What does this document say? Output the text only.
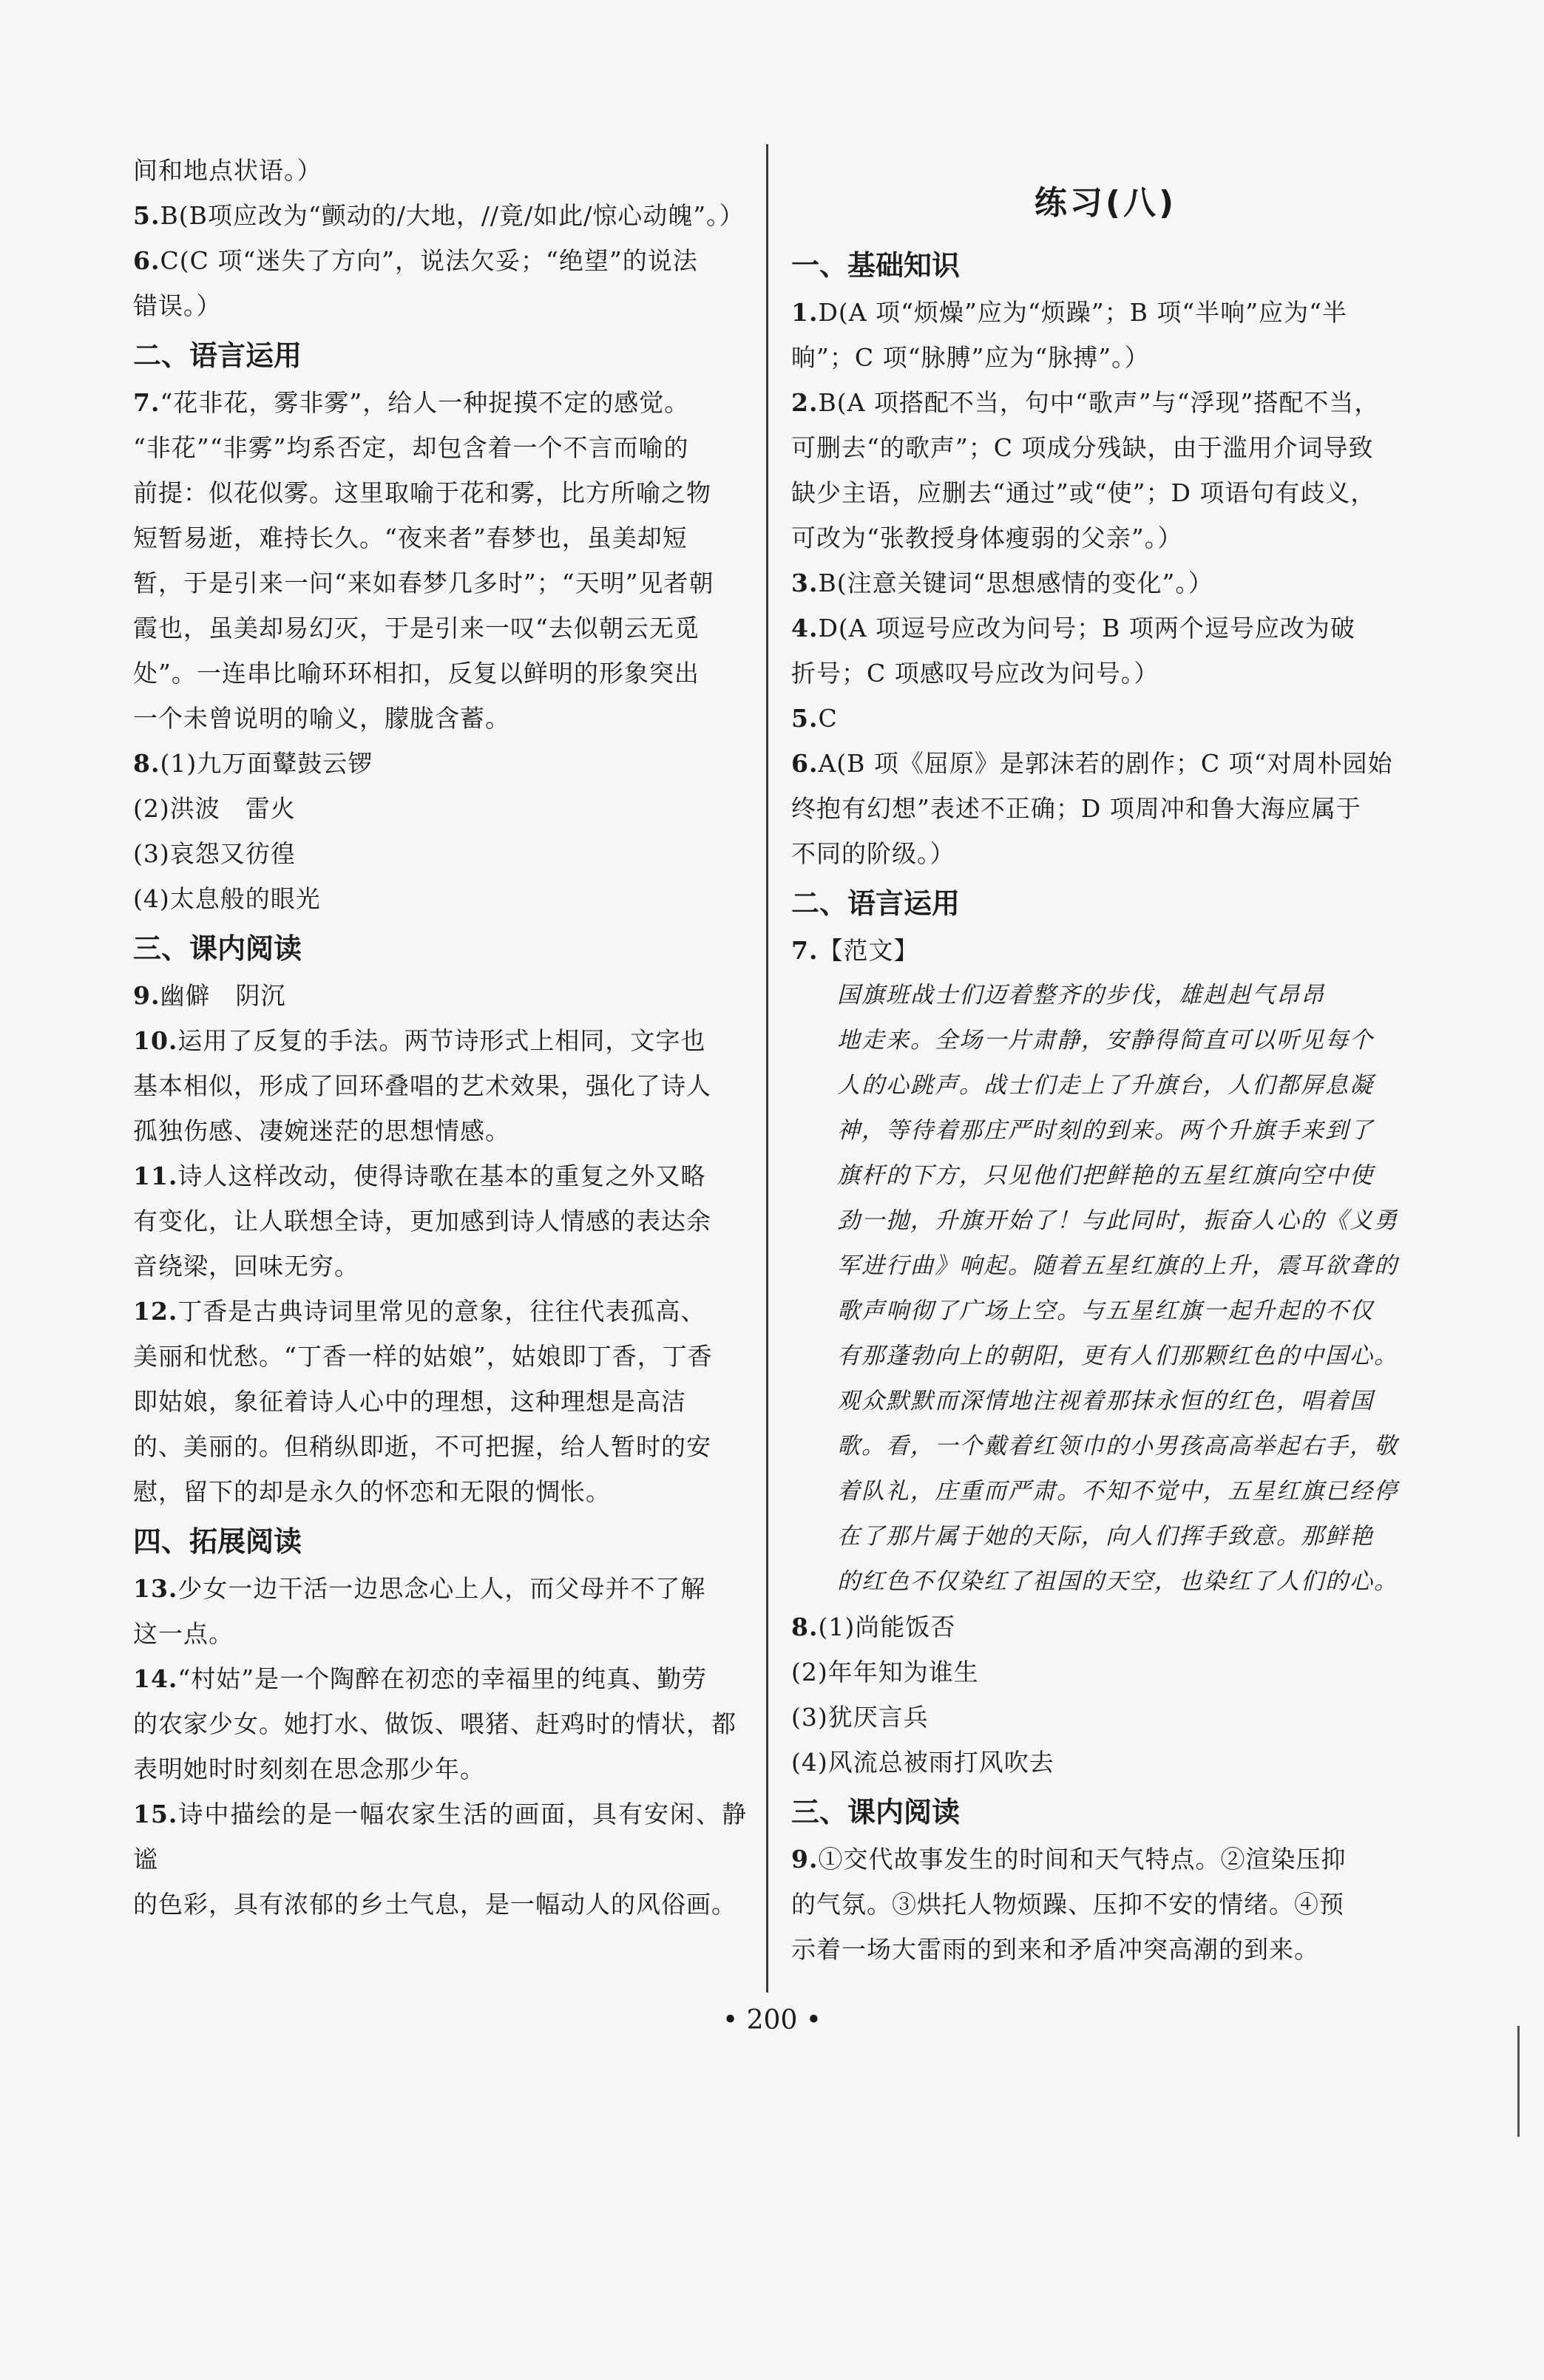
间和地点状语。）

5.B(B项应改为“颤动的/大地，//竟/如此/惊心动魄”。）

6.C(C 项“迷失了方向”，说法欠妥；“绝望”的说法

错误。）

二、语言运用

7.“花非花，雾非雾”，给人一种捉摸不定的感觉。

“非花”“非雾”均系否定，却包含着一个不言而喻的

前提：似花似雾。这里取喻于花和雾，比方所喻之物

短暂易逝，难持长久。“夜来者”春梦也，虽美却短

暂，于是引来一问“来如春梦几多时”；“天明”见者朝

霞也，虽美却易幻灭，于是引来一叹“去似朝云无觅

处”。一连串比喻环环相扣，反复以鲜明的形象突出

一个未曾说明的喻义，朦胧含蓄。

8.(1)九万面鼙鼓云锣

(2)洪波　雷火

(3)哀怨又彷徨

(4)太息般的眼光

三、课内阅读

9.幽僻　阴沉

10.运用了反复的手法。两节诗形式上相同，文字也

基本相似，形成了回环叠唱的艺术效果，强化了诗人

孤独伤感、凄婉迷茫的思想情感。

11.诗人这样改动，使得诗歌在基本的重复之外又略

有变化，让人联想全诗，更加感到诗人情感的表达余

音绕梁，回味无穷。

12.丁香是古典诗词里常见的意象，往往代表孤高、

美丽和忧愁。“丁香一样的姑娘”，姑娘即丁香，丁香

即姑娘，象征着诗人心中的理想，这种理想是高洁

的、美丽的。但稍纵即逝，不可把握，给人暂时的安

慰，留下的却是永久的怀恋和无限的惆怅。

四、拓展阅读

13.少女一边干活一边思念心上人，而父母并不了解

这一点。

14.“村姑”是一个陶醉在初恋的幸福里的纯真、勤劳

的农家少女。她打水、做饭、喂猪、赶鸡时的情状，都

表明她时时刻刻在思念那少年。

15.诗中描绘的是一幅农家生活的画面，具有安闲、静谧

的色彩，具有浓郁的乡土气息，是一幅动人的风俗画。

练习(八)
一、基础知识

1.D(A 项“烦燥”应为“烦躁”；B 项“半响”应为“半

晌”；C 项“脉膊”应为“脉搏”。）

2.B(A 项搭配不当，句中“歌声”与“浮现”搭配不当，

可删去“的歌声”；C 项成分残缺，由于滥用介词导致

缺少主语，应删去“通过”或“使”；D 项语句有歧义，

可改为“张教授身体瘦弱的父亲”。）

3.B(注意关键词“思想感情的变化”。）

4.D(A 项逗号应改为问号；B 项两个逗号应改为破

折号；C 项感叹号应改为问号。）

5.C

6.A(B 项《屈原》是郭沫若的剧作；C 项“对周朴园始

终抱有幻想”表述不正确；D 项周冲和鲁大海应属于

不同的阶级。）

二、语言运用

7.【范文】

国旗班战士们迈着整齐的步伐，雄赳赳气昂昂

地走来。全场一片肃静，安静得简直可以听见每个

人的心跳声。战士们走上了升旗台，人们都屏息凝

神，等待着那庄严时刻的到来。两个升旗手来到了

旗杆的下方，只见他们把鲜艳的五星红旗向空中使

劲一抛，升旗开始了！与此同时，振奋人心的《义勇

军进行曲》响起。随着五星红旗的上升，震耳欲聋的

歌声响彻了广场上空。与五星红旗一起升起的不仅

有那蓬勃向上的朝阳，更有人们那颗红色的中国心。

观众默默而深情地注视着那抹永恒的红色，唱着国

歌。看，一个戴着红领巾的小男孩高高举起右手，敬

着队礼，庄重而严肃。不知不觉中，五星红旗已经停

在了那片属于她的天际，向人们挥手致意。那鲜艳

的红色不仅染红了祖国的天空，也染红了人们的心。

8.(1)尚能饭否

(2)年年知为谁生

(3)犹厌言兵

(4)风流总被雨打风吹去

三、课内阅读

9.①交代故事发生的时间和天气特点。②渲染压抑

的气氛。③烘托人物烦躁、压抑不安的情绪。④预

示着一场大雷雨的到来和矛盾冲突高潮的到来。

• 200 •
